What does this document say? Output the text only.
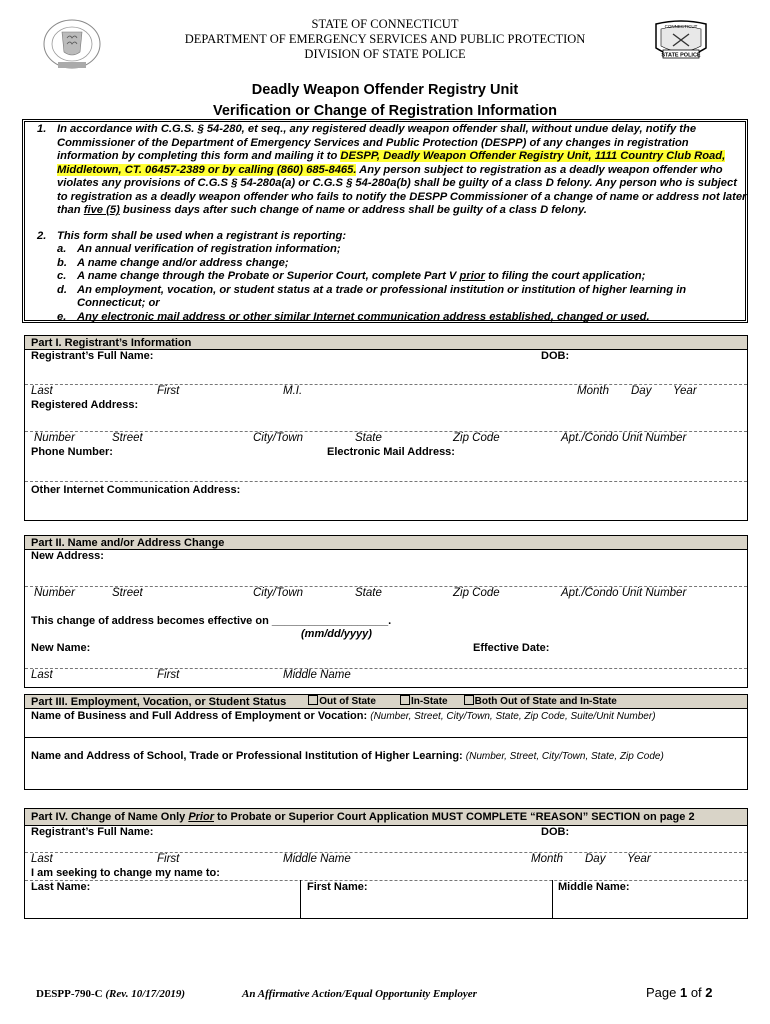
STATE OF CONNECTICUT
DEPARTMENT OF EMERGENCY SERVICES AND PUBLIC PROTECTION
DIVISION OF STATE POLICE
CONNECTICUT
STATE POLICE
Deadly Weapon Offender Registry Unit
Verification or Change of Registration Information
1. In accordance with C.G.S. § 54-280, et seq., any registered deadly weapon offender shall, without undue delay, notify the Commissioner of the Department of Emergency Services and Public Protection (DESPP) of any changes in registration information by completing this form and mailing it to DESPP, Deadly Weapon Offender Registry Unit, 1111 Country Club Road, Middletown, CT. 06457-2389 or by calling (860) 685-8465. Any person subject to registration as a deadly weapon offender who violates any provisions of C.G.S § 54-280a(a) or C.G.S § 54-280a(b) shall be guilty of a class D felony. Any person who is subject to registration as a deadly weapon offender who fails to notify the DESPP Commissioner of a change of name or address not later than five (5) business days after such change of name or address shall be guilty of a class D felony.
2. This form shall be used when a registrant is reporting:
a. An annual verification of registration information;
b. A name change and/or address change;
c. A name change through the Probate or Superior Court, complete Part V prior to filing the court application;
d. An employment, vocation, or student status at a trade or professional institution or institution of higher learning in Connecticut; or
e. Any electronic mail address or other similar Internet communication address established, changed or used.
Part I. Registrant’s Information
Registrant’s Full Name:	DOB:
Last	First	M.I.	Month Day Year
Registered Address:
Number	Street	City/Town	State	Zip Code	Apt./Condo Unit Number
Phone Number:	Electronic Mail Address:
Other Internet Communication Address:
Part II. Name and/or Address Change
New Address:
Number	Street	City/Town	State	Zip Code	Apt./Condo Unit Number
This change of address becomes effective on ___________________.
(mm/dd/yyyy)
New Name:	Effective Date:
Last	First	Middle Name
Part III. Employment, Vocation, or Student Status	Out of State	In-State	Both Out of State and In-State
Name of Business and Full Address of Employment or Vocation: (Number, Street, City/Town, State, Zip Code, Suite/Unit Number)
Name and Address of School, Trade or Professional Institution of Higher Learning: (Number, Street, City/Town, State, Zip Code)
Part IV. Change of Name Only Prior to Probate or Superior Court Application MUST COMPLETE “REASON” SECTION on page 2
Registrant’s Full Name:	DOB:
Last	First	Middle Name	Month Day Year
I am seeking to change my name to:
Last Name:	First Name:	Middle Name:
DESPP-790-C (Rev. 10/17/2019)	An Affirmative Action/Equal Opportunity Employer	Page 1 of 2
